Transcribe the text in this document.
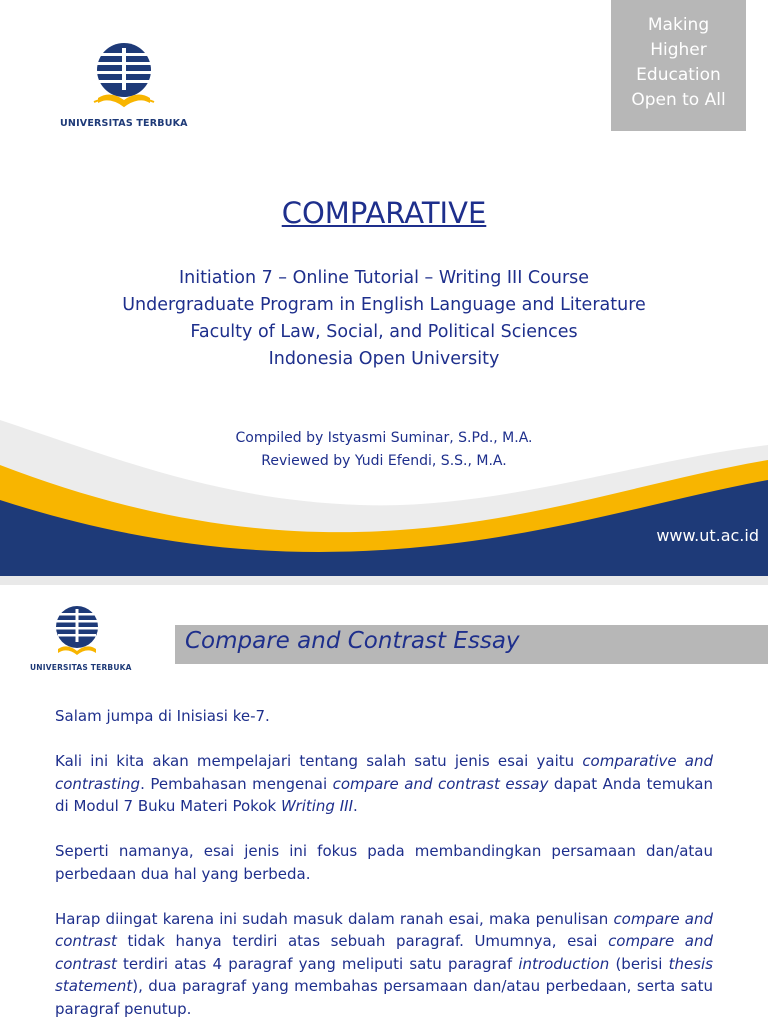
UNIVERSITAS TERBUKA
Making
Higher
Education
Open to All
COMPARATIVE
Initiation 7 – Online Tutorial – Writing III Course
Undergraduate Program in English Language and Literature
Faculty of Law, Social, and Political Sciences
Indonesia Open University
Compiled by Istyasmi Suminar, S.Pd., M.A.
Reviewed by Yudi Efendi, S.S., M.A.
www.ut.ac.id
UNIVERSITAS TERBUKA
Compare and Contrast Essay

Salam jumpa di Inisiasi ke-7.

Kali ini kita akan mempelajari tentang salah satu jenis esai yaitu comparative and contrasting. Pembahasan mengenai compare and contrast essay dapat Anda temukan di Modul 7 Buku Materi Pokok Writing III.

Seperti namanya, esai jenis ini fokus pada membandingkan persamaan dan/atau perbedaan dua hal yang berbeda.

Harap diingat karena ini sudah masuk dalam ranah esai, maka penulisan compare and contrast tidak hanya terdiri atas sebuah paragraf. Umumnya, esai compare and contrast terdiri atas 4 paragraf yang meliputi satu paragraf introduction (berisi thesis statement), dua paragraf yang membahas persamaan dan/atau perbedaan, serta satu paragraf penutup.
